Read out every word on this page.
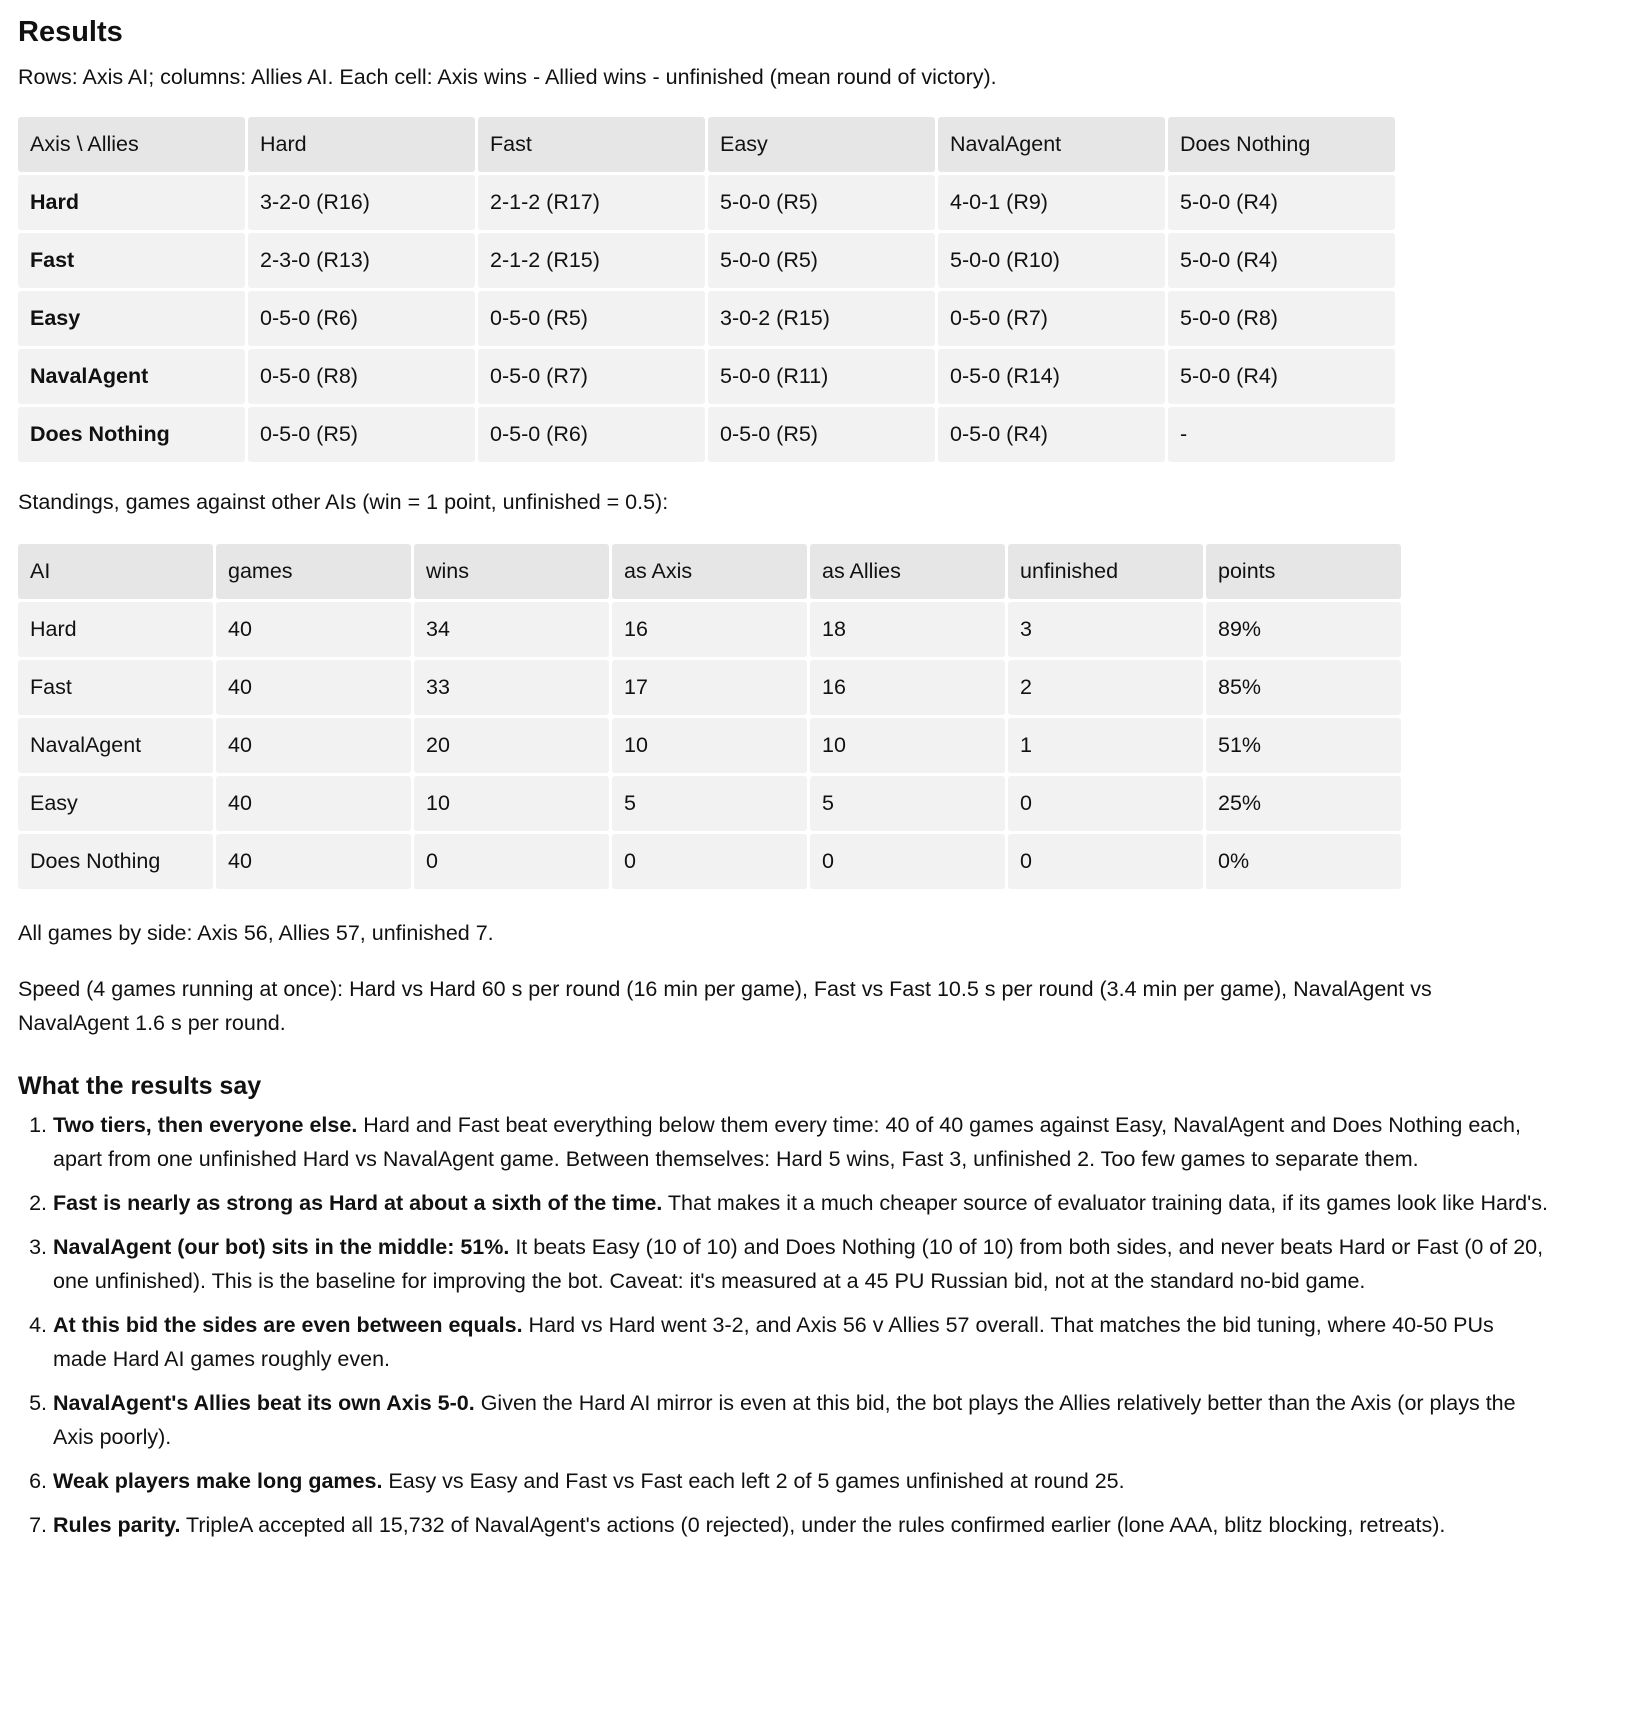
Results

Rows: Axis AI; columns: Allies AI. Each cell: Axis wins - Allied wins - unfinished (mean round of victory).

Axis \ Allies	Hard	Fast	Easy	NavalAgent	Does Nothing
Hard	3-2-0 (R16)	2-1-2 (R17)	5-0-0 (R5)	4-0-1 (R9)	5-0-0 (R4)
Fast	2-3-0 (R13)	2-1-2 (R15)	5-0-0 (R5)	5-0-0 (R10)	5-0-0 (R4)
Easy	0-5-0 (R6)	0-5-0 (R5)	3-0-2 (R15)	0-5-0 (R7)	5-0-0 (R8)
NavalAgent	0-5-0 (R8)	0-5-0 (R7)	5-0-0 (R11)	0-5-0 (R14)	5-0-0 (R4)
Does Nothing	0-5-0 (R5)	0-5-0 (R6)	0-5-0 (R5)	0-5-0 (R4)	-

Standings, games against other AIs (win = 1 point, unfinished = 0.5):

AI	games	wins	as Axis	as Allies	unfinished	points
Hard	40	34	16	18	3	89%
Fast	40	33	17	16	2	85%
NavalAgent	40	20	10	10	1	51%
Easy	40	10	5	5	0	25%
Does Nothing	40	0	0	0	0	0%

All games by side: Axis 56, Allies 57, unfinished 7.

Speed (4 games running at once): Hard vs Hard 60 s per round (16 min per game), Fast vs Fast 10.5 s per round (3.4 min per game), NavalAgent vs NavalAgent 1.6 s per round.

What the results say
1. Two tiers, then everyone else. Hard and Fast beat everything below them every time: 40 of 40 games against Easy, NavalAgent and Does Nothing each, apart from one unfinished Hard vs NavalAgent game. Between themselves: Hard 5 wins, Fast 3, unfinished 2. Too few games to separate them.
2. Fast is nearly as strong as Hard at about a sixth of the time. That makes it a much cheaper source of evaluator training data, if its games look like Hard's.
3. NavalAgent (our bot) sits in the middle: 51%. It beats Easy (10 of 10) and Does Nothing (10 of 10) from both sides, and never beats Hard or Fast (0 of 20, one unfinished). This is the baseline for improving the bot. Caveat: it's measured at a 45 PU Russian bid, not at the standard no-bid game.
4. At this bid the sides are even between equals. Hard vs Hard went 3-2, and Axis 56 v Allies 57 overall. That matches the bid tuning, where 40-50 PUs made Hard AI games roughly even.
5. NavalAgent's Allies beat its own Axis 5-0. Given the Hard AI mirror is even at this bid, the bot plays the Allies relatively better than the Axis (or plays the Axis poorly).
6. Weak players make long games. Easy vs Easy and Fast vs Fast each left 2 of 5 games unfinished at round 25.
7. Rules parity. TripleA accepted all 15,732 of NavalAgent's actions (0 rejected), under the rules confirmed earlier (lone AAA, blitz blocking, retreats).
